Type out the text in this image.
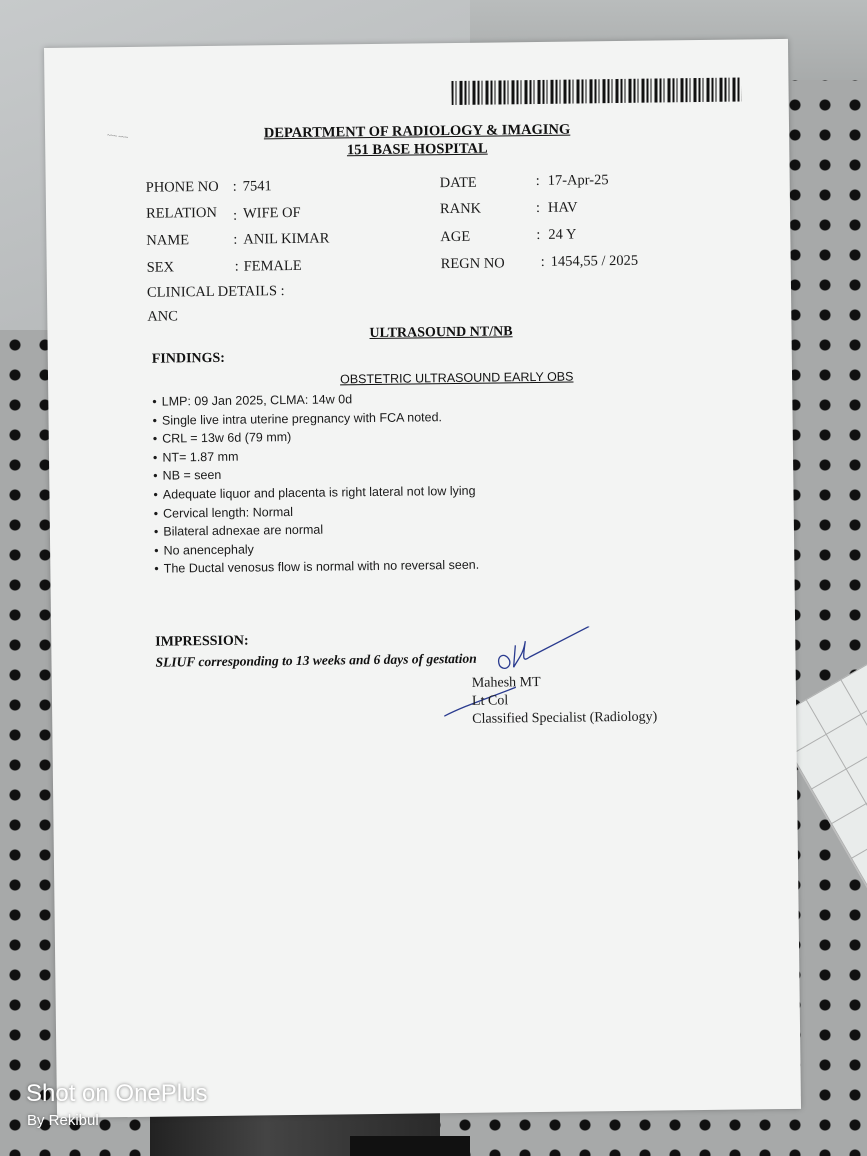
~~~ ~~~	DEPARTMENT OF RADIOLOGY & IMAGING
151 BASE HOSPITAL
PHONE NO : 7541
RELATION : WIFE OF
NAME	: ANIL KIMAR
SEX	: FEMALE
CLINICAL DETAILS :
ANC
DATE	: 17-Apr-25
RANK	: HAV
AGE	: 24 Y
REGN NO : 1454,55 / 2025
ULTRASOUND NT/NB
FINDINGS:
OBSTETRIC ULTRASOUND EARLY OBS
• LMP: 09 Jan 2025, CLMA: 14w 0d
• Single live intra uterine pregnancy with FCA noted.
• CRL = 13w 6d (79 mm)
• NT= 1.87 mm
• NB = seen
• Adequate liquor and placenta is right lateral not low lying
• Cervical length: Normal
• Bilateral adnexae are normal
• No anencephaly
• The Ductal venosus flow is normal with no reversal seen.
IMPRESSION:
SLIUF corresponding to 13 weeks and 6 days of gestation
Mahesh MT
Lt Col
Classified Specialist (Radiology)
Shot on OnePlus
By Rekibul
